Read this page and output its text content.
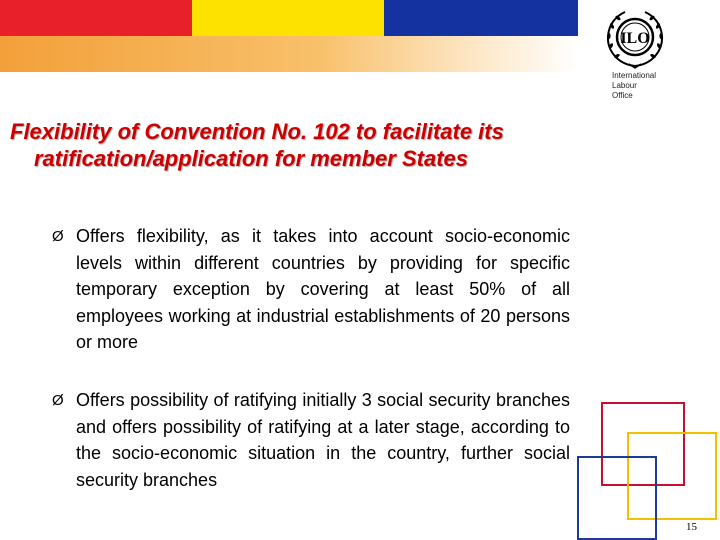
ILO
International
Labour
Office
Flexibility of Convention No. 102 to facilitate its
ratification/application for member States
Ø Offers flexibility, as it takes into account socio-economic levels within different countries by providing for specific temporary exception by covering at least 50% of all employees working at industrial establishments of 20 persons or more
Ø Offers possibility of ratifying initially 3 social security branches and offers possibility of ratifying at a later stage, according to the socio-economic situation in the country, further social security branches
15
